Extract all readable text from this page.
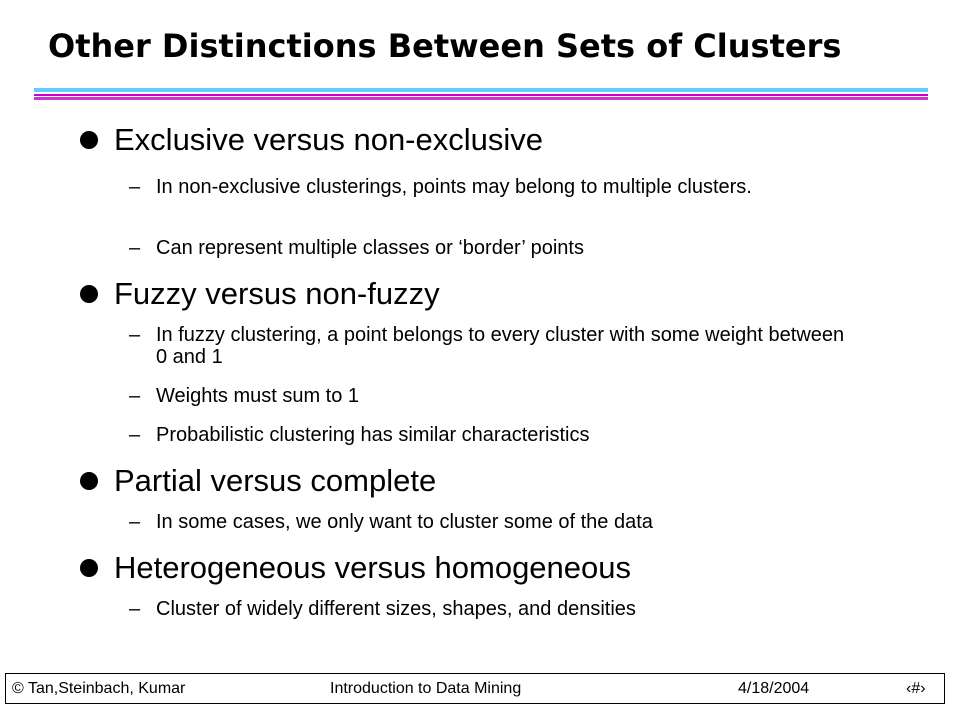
Other Distinctions Between Sets of Clusters
Exclusive versus non-exclusive
– In non-exclusive clusterings, points may belong to multiple clusters.
– Can represent multiple classes or ‘border’ points
Fuzzy versus non-fuzzy
– In fuzzy clustering, a point belongs to every cluster with some weight between 0 and 1
– Weights must sum to 1
– Probabilistic clustering has similar characteristics
Partial versus complete
– In some cases, we only want to cluster some of the data
Heterogeneous versus homogeneous
– Cluster of widely different sizes, shapes, and densities
© Tan,Steinbach, Kumar	Introduction to Data Mining	4/18/2004	‹#›
